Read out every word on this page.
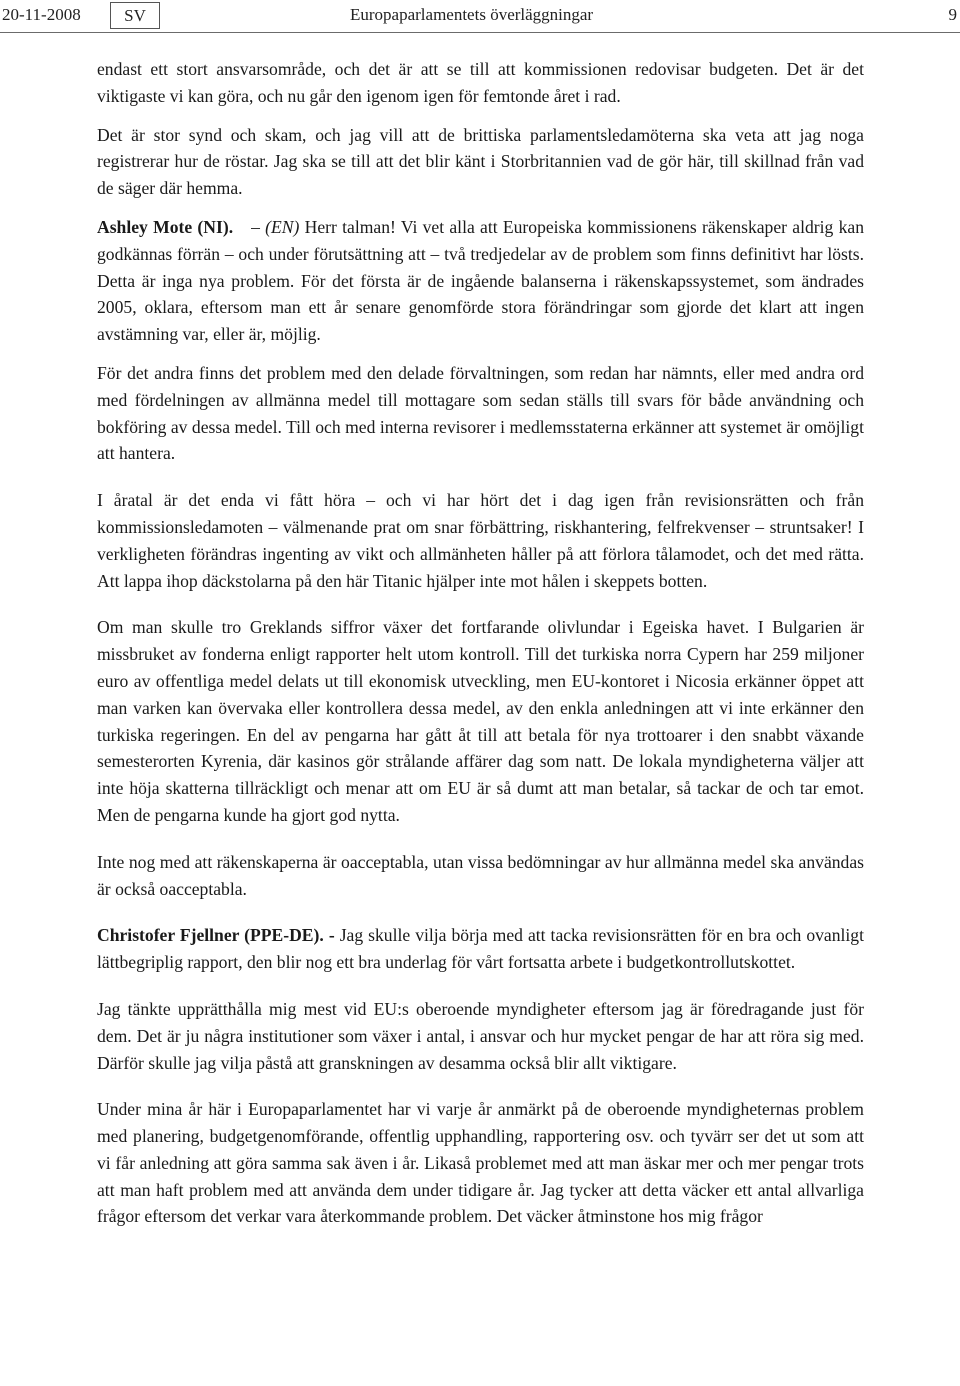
20-11-2008	SV	Europaparlamentets överläggningar	9

endast ett stort ansvarsområde, och det är att se till att kommissionen redovisar budgeten. Det är det viktigaste vi kan göra, och nu går den igenom igen för femtonde året i rad.

Det är stor synd och skam, och jag vill att de brittiska parlamentsledamöterna ska veta att jag noga registrerar hur de röstar. Jag ska se till att det blir känt i Storbritannien vad de gör här, till skillnad från vad de säger där hemma.

Ashley Mote (NI). – (EN) Herr talman! Vi vet alla att Europeiska kommissionens räkenskaper aldrig kan godkännas förrän – och under förutsättning att – två tredjedelar av de problem som finns definitivt har lösts. Detta är inga nya problem. För det första är de ingående balanserna i räkenskapssystemet, som ändrades 2005, oklara, eftersom man ett år senare genomförde stora förändringar som gjorde det klart att ingen avstämning var, eller är, möjlig.

För det andra finns det problem med den delade förvaltningen, som redan har nämnts, eller med andra ord med fördelningen av allmänna medel till mottagare som sedan ställs till svars för både användning och bokföring av dessa medel. Till och med interna revisorer i medlemsstaterna erkänner att systemet är omöjligt att hantera.

I åratal är det enda vi fått höra – och vi har hört det i dag igen från revisionsrätten och från kommissionsledamoten – välmenande prat om snar förbättring, riskhantering, felfrekvenser – struntsaker! I verkligheten förändras ingenting av vikt och allmänheten håller på att förlora tålamodet, och det med rätta. Att lappa ihop däckstolarna på den här Titanic hjälper inte mot hålen i skeppets botten.

Om man skulle tro Greklands siffror växer det fortfarande olivlundar i Egeiska havet. I Bulgarien är missbruket av fonderna enligt rapporter helt utom kontroll. Till det turkiska norra Cypern har 259 miljoner euro av offentliga medel delats ut till ekonomisk utveckling, men EU-kontoret i Nicosia erkänner öppet att man varken kan övervaka eller kontrollera dessa medel, av den enkla anledningen att vi inte erkänner den turkiska regeringen. En del av pengarna har gått åt till att betala för nya trottoarer i den snabbt växande semesterorten Kyrenia, där kasinos gör strålande affärer dag som natt. De lokala myndigheterna väljer att inte höja skatterna tillräckligt och menar att om EU är så dumt att man betalar, så tackar de och tar emot. Men de pengarna kunde ha gjort god nytta.

Inte nog med att räkenskaperna är oacceptabla, utan vissa bedömningar av hur allmänna medel ska användas är också oacceptabla.

Christofer Fjellner (PPE-DE). - Jag skulle vilja börja med att tacka revisionsrätten för en bra och ovanligt lättbegriplig rapport, den blir nog ett bra underlag för vårt fortsatta arbete i budgetkontrollutskottet.

Jag tänkte upprätthålla mig mest vid EU:s oberoende myndigheter eftersom jag är föredragande just för dem. Det är ju några institutioner som växer i antal, i ansvar och hur mycket pengar de har att röra sig med. Därför skulle jag vilja påstå att granskningen av desamma också blir allt viktigare.

Under mina år här i Europaparlamentet har vi varje år anmärkt på de oberoende myndigheternas problem med planering, budgetgenomförande, offentlig upphandling, rapportering osv. och tyvärr ser det ut som att vi får anledning att göra samma sak även i år. Likaså problemet med att man äskar mer och mer pengar trots att man haft problem med att använda dem under tidigare år. Jag tycker att detta väcker ett antal allvarliga frågor eftersom det verkar vara återkommande problem. Det väcker åtminstone hos mig frågor
